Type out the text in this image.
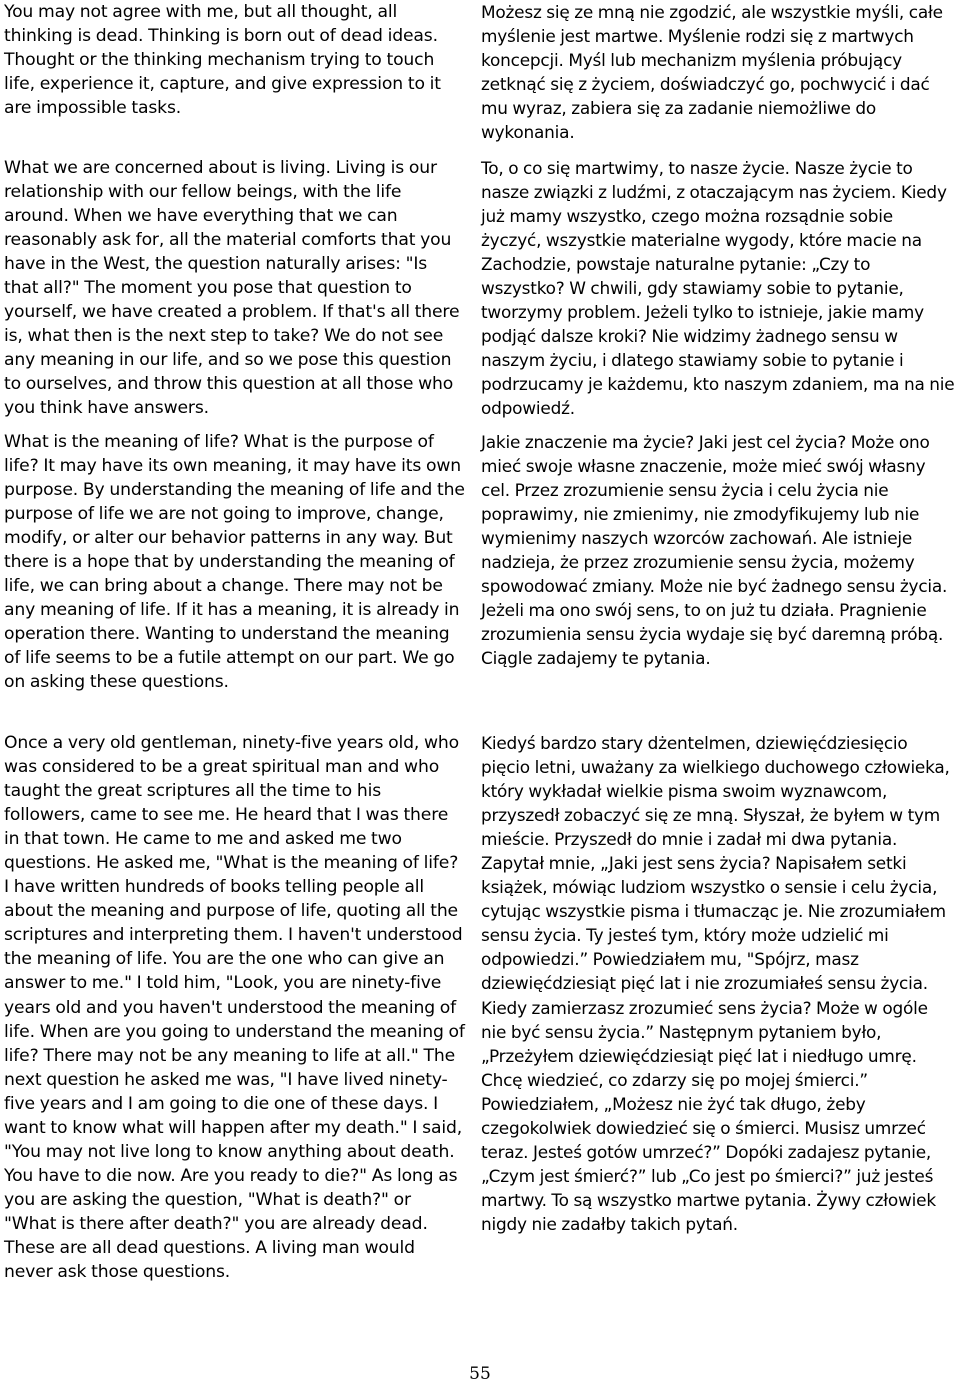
You may not agree with me, but all thought, all thinking is dead. Thinking is born out of dead ideas. Thought or the thinking mechanism trying to touch life, experience it, capture, and give expression to it are impossible tasks.

What we are concerned about is living. Living is our relationship with our fellow beings, with the life around. When we have everything that we can reasonably ask for, all the material comforts that you have in the West, the question naturally arises: "Is that all?" The moment you pose that question to yourself, we have created a problem. If that's all there is, what then is the next step to take? We do not see any meaning in our life, and so we pose this question to ourselves, and throw this question at all those who you think have answers.

What is the meaning of life? What is the purpose of life? It may have its own meaning, it may have its own purpose. By understanding the meaning of life and the purpose of life we are not going to improve, change, modify, or alter our behavior patterns in any way. But there is a hope that by understanding the meaning of life, we can bring about a change. There may not be any meaning of life. If it has a meaning, it is already in operation there. Wanting to understand the meaning of life seems to be a futile attempt on our part. We go on asking these questions.

Once a very old gentleman, ninety-five years old, who was considered to be a great spiritual man and who taught the great scriptures all the time to his followers, came to see me. He heard that I was there in that town. He came to me and asked me two questions. He asked me, "What is the meaning of life? I have written hundreds of books telling people all about the meaning and purpose of life, quoting all the scriptures and interpreting them. I haven't understood the meaning of life. You are the one who can give an answer to me." I told him, "Look, you are ninety-five years old and you haven't understood the meaning of life. When are you going to understand the meaning of life? There may not be any meaning to life at all." The next question he asked me was, "I have lived ninety-five years and I am going to die one of these days. I want to know what will happen after my death." I said, "You may not live long to know anything about death. You have to die now. Are you ready to die?" As long as you are asking the question, "What is death?" or "What is there after death?" you are already dead. These are all dead questions. A living man would never ask those questions.

Możesz się ze mną nie zgodzić, ale wszystkie myśli, całe myślenie jest martwe. Myślenie rodzi się z martwych koncepcji. Myśl lub mechanizm myślenia próbujący zetknąć się z życiem, doświadczyć go, pochwycić i dać mu wyraz, zabiera się za zadanie niemożliwe do wykonania.

To, o co się martwimy, to nasze życie. Nasze życie to nasze związki z ludźmi, z otaczającym nas życiem. Kiedy już mamy wszystko, czego można rozsądnie sobie życzyć, wszystkie materialne wygody, które macie na Zachodzie, powstaje naturalne pytanie: „Czy to wszystko? W chwili, gdy stawiamy sobie to pytanie, tworzymy problem. Jeżeli tylko to istnieje, jakie mamy podjąć dalsze kroki? Nie widzimy żadnego sensu w naszym życiu, i dlatego stawiamy sobie to pytanie i podrzucamy je każdemu, kto naszym zdaniem, ma na nie odpowiedź.

Jakie znaczenie ma życie? Jaki jest cel życia? Może ono mieć swoje własne znaczenie, może mieć swój własny cel. Przez zrozumienie sensu życia i celu życia nie poprawimy, nie zmienimy, nie zmodyfikujemy lub nie wymienimy naszych wzorców zachowań. Ale istnieje nadzieja, że przez zrozumienie sensu życia, możemy spowodować zmiany. Może nie być żadnego sensu życia. Jeżeli ma ono swój sens, to on już tu działa. Pragnienie zrozumienia sensu życia wydaje się być daremną próbą. Ciągle zadajemy te pytania.

Kiedyś bardzo stary dżentelmen, dziewięćdziesięcio pięcio letni, uważany za wielkiego duchowego człowieka, który wykładał wielkie pisma swoim wyznawcom, przyszedł zobaczyć się ze mną. Słyszał, że byłem w tym mieście. Przyszedł do mnie i zadał mi dwa pytania. Zapytał mnie, „Jaki jest sens życia? Napisałem setki książek, mówiąc ludziom wszystko o sensie i celu życia, cytując wszystkie pisma i tłumacząc je. Nie zrozumiałem sensu życia. Ty jesteś tym, który może udzielić mi odpowiedzi.” Powiedziałem mu, "Spójrz, masz dziewięćdziesiąt pięć lat i nie zrozumiałeś sensu życia. Kiedy zamierzasz zrozumieć sens życia? Może w ogóle nie być sensu życia.” Następnym pytaniem było, „Przeżyłem dziewięćdziesiąt pięć lat i niedługo umrę. Chcę wiedzieć, co zdarzy się po mojej śmierci.” Powiedziałem, „Możesz nie żyć tak długo, żeby czegokolwiek dowiedzieć się o śmierci. Musisz umrzeć teraz. Jesteś gotów umrzeć?” Dopóki zadajesz pytanie, „Czym jest śmierć?” lub „Co jest po śmierci?” już jesteś martwy. To są wszystko martwe pytania. Żywy człowiek nigdy nie zadałby takich pytań.

55
